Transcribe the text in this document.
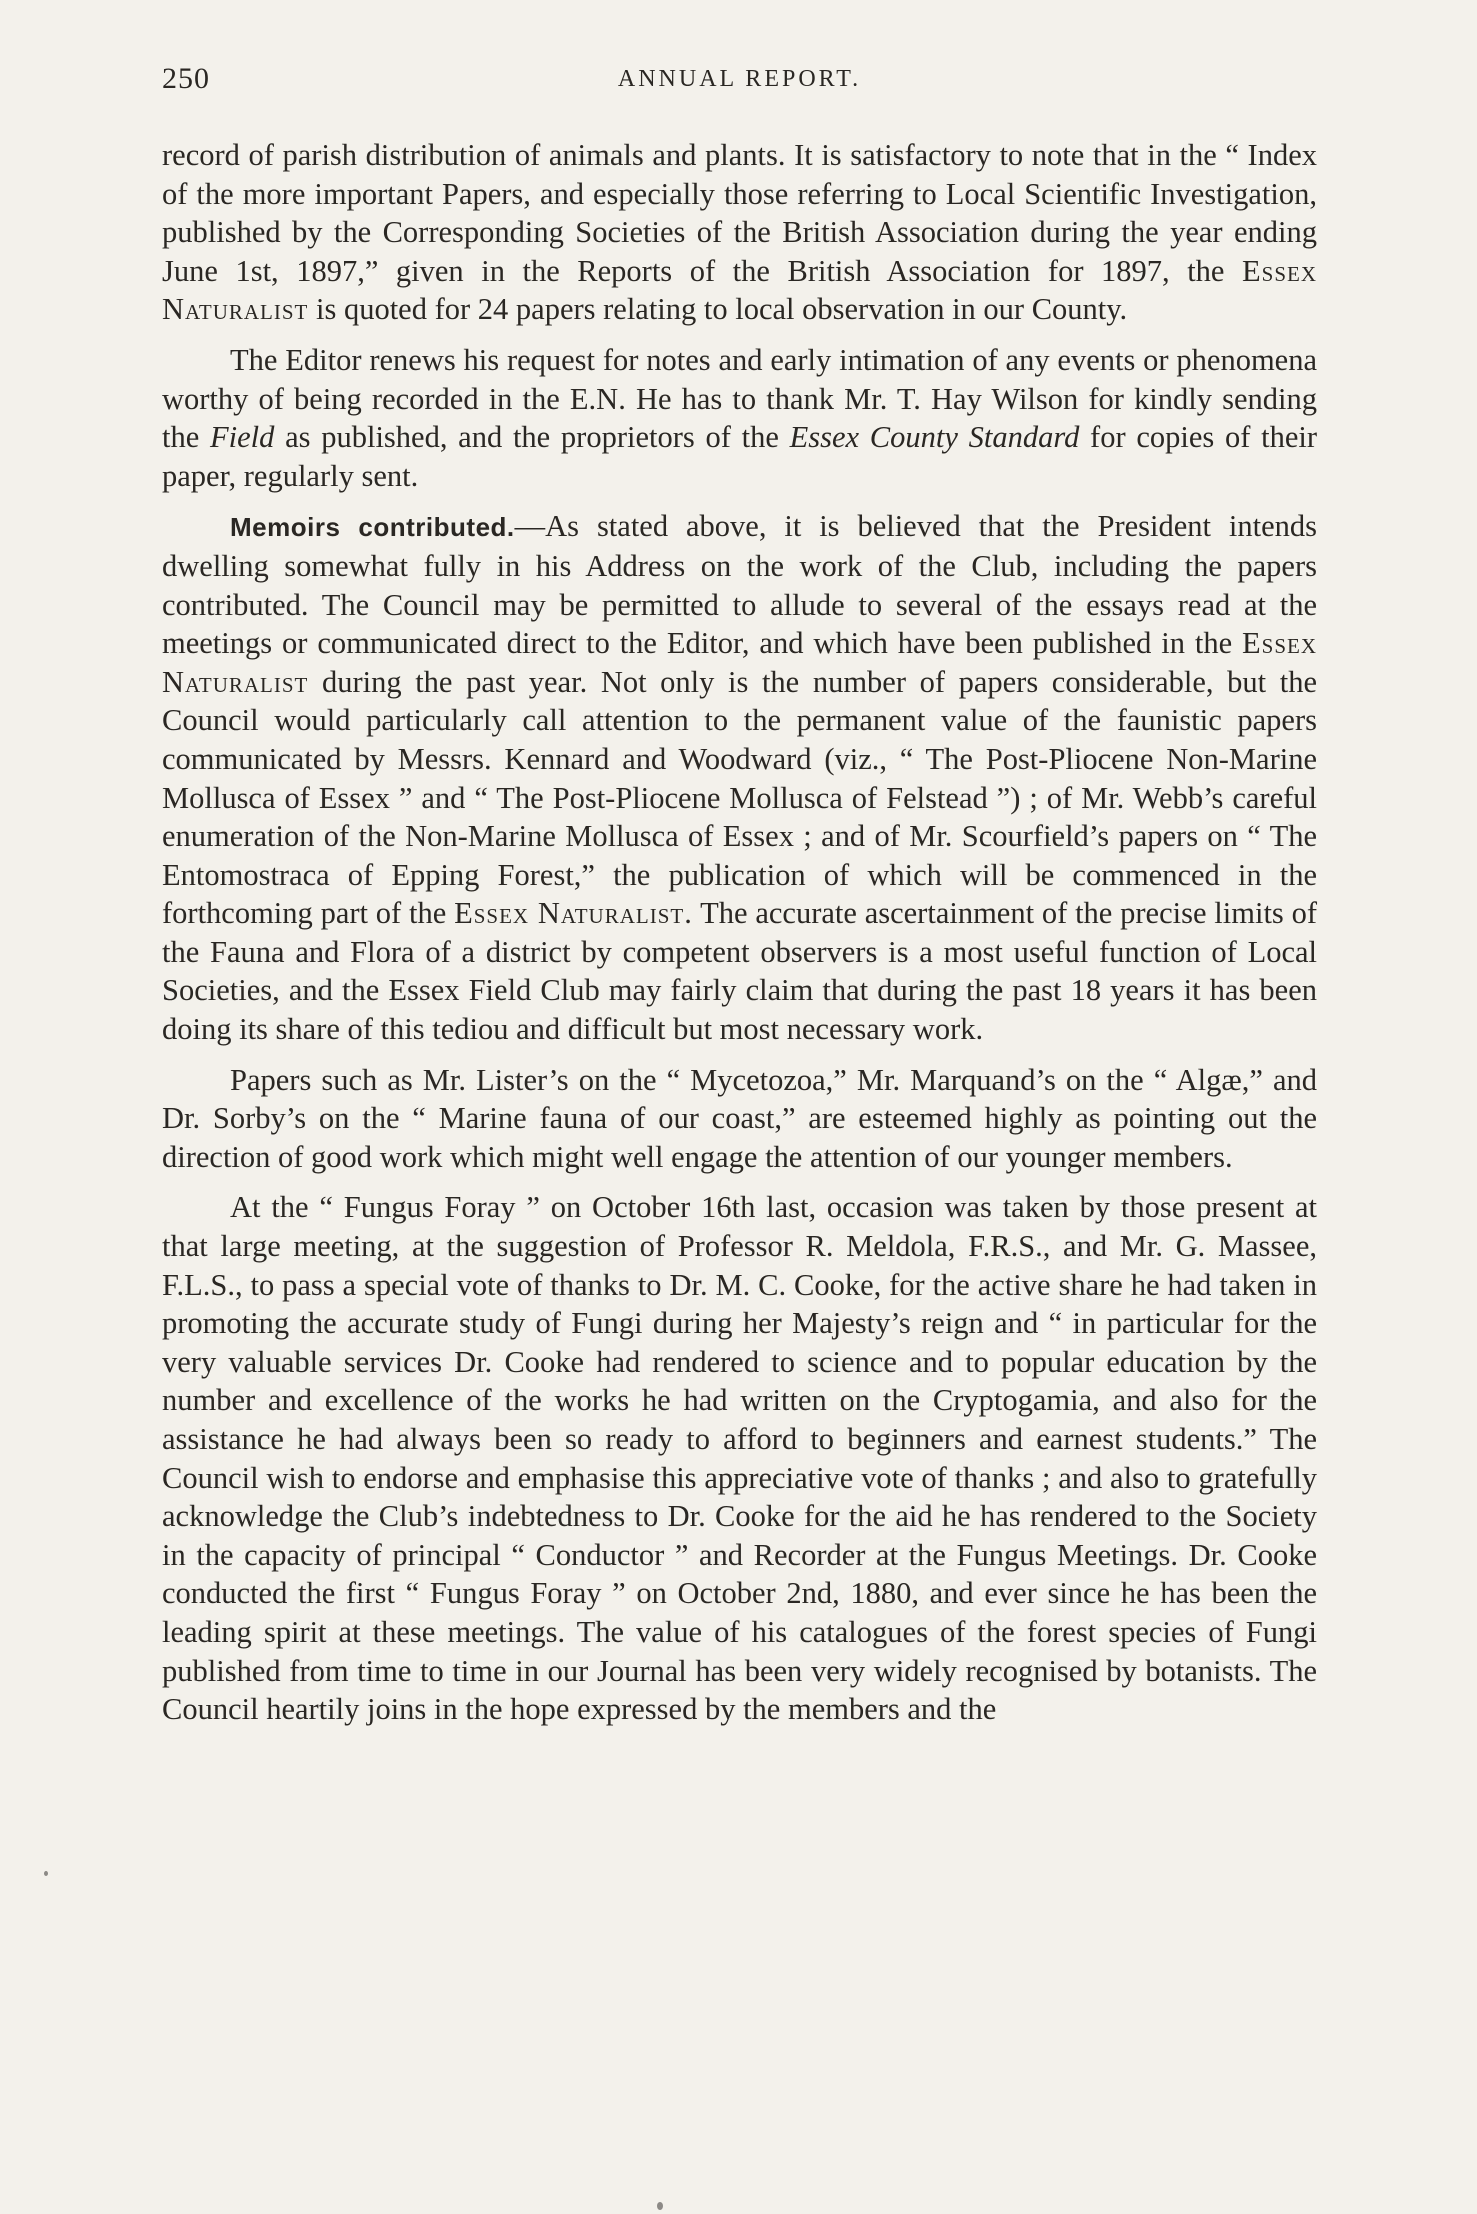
250	ANNUAL REPORT.

record of parish distribution of animals and plants. It is satisfactory to note that in the “ Index of the more important Papers, and especially those referring to Local Scientific Investigation, published by the Corresponding Societies of the British Association during the year ending June 1st, 1897,” given in the Reports of the British Association for 1897, the Essex Naturalist is quoted for 24 papers relating to local observation in our County.

The Editor renews his request for notes and early intimation of any events or phenomena worthy of being recorded in the E.N. He has to thank Mr. T. Hay Wilson for kindly sending the Field as published, and the proprietors of the Essex County Standard for copies of their paper, regularly sent.

Memoirs contributed.—As stated above, it is believed that the President intends dwelling somewhat fully in his Address on the work of the Club, including the papers contributed. The Council may be permitted to allude to several of the essays read at the meetings or communicated direct to the Editor, and which have been published in the Essex Naturalist during the past year. Not only is the number of papers considerable, but the Council would particularly call attention to the permanent value of the faunistic papers communicated by Messrs. Kennard and Woodward (viz., “ The Post-Pliocene Non-Marine Mollusca of Essex ” and “ The Post-Pliocene Mollusca of Felstead ”) ; of Mr. Webb’s careful enumeration of the Non-Marine Mollusca of Essex ; and of Mr. Scourfield’s papers on “ The Entomostraca of Epping Forest,” the publication of which will be commenced in the forthcoming part of the Essex Naturalist. The accurate ascertainment of the precise limits of the Fauna and Flora of a district by competent observers is a most useful function of Local Societies, and the Essex Field Club may fairly claim that during the past 18 years it has been doing its share of this tediou and difficult but most necessary work.

Papers such as Mr. Lister’s on the “ Mycetozoa,” Mr. Marquand’s on the “ Algæ,” and Dr. Sorby’s on the “ Marine fauna of our coast,” are esteemed highly as pointing out the direction of good work which might well engage the attention of our younger members.

At the “ Fungus Foray ” on October 16th last, occasion was taken by those present at that large meeting, at the suggestion of Professor R. Meldola, F.R.S., and Mr. G. Massee, F.L.S., to pass a special vote of thanks to Dr. M. C. Cooke, for the active share he had taken in promoting the accurate study of Fungi during her Majesty’s reign and “ in particular for the very valuable services Dr. Cooke had rendered to science and to popular education by the number and excellence of the works he had written on the Cryptogamia, and also for the assistance he had always been so ready to afford to beginners and earnest students.” The Council wish to endorse and emphasise this appreciative vote of thanks ; and also to gratefully acknowledge the Club’s indebtedness to Dr. Cooke for the aid he has rendered to the Society in the capacity of principal “ Conductor ” and Recorder at the Fungus Meetings. Dr. Cooke conducted the first “ Fungus Foray ” on October 2nd, 1880, and ever since he has been the leading spirit at these meetings. The value of his catalogues of the forest species of Fungi published from time to time in our Journal has been very widely recognised by botanists. The Council heartily joins in the hope expressed by the members and the
